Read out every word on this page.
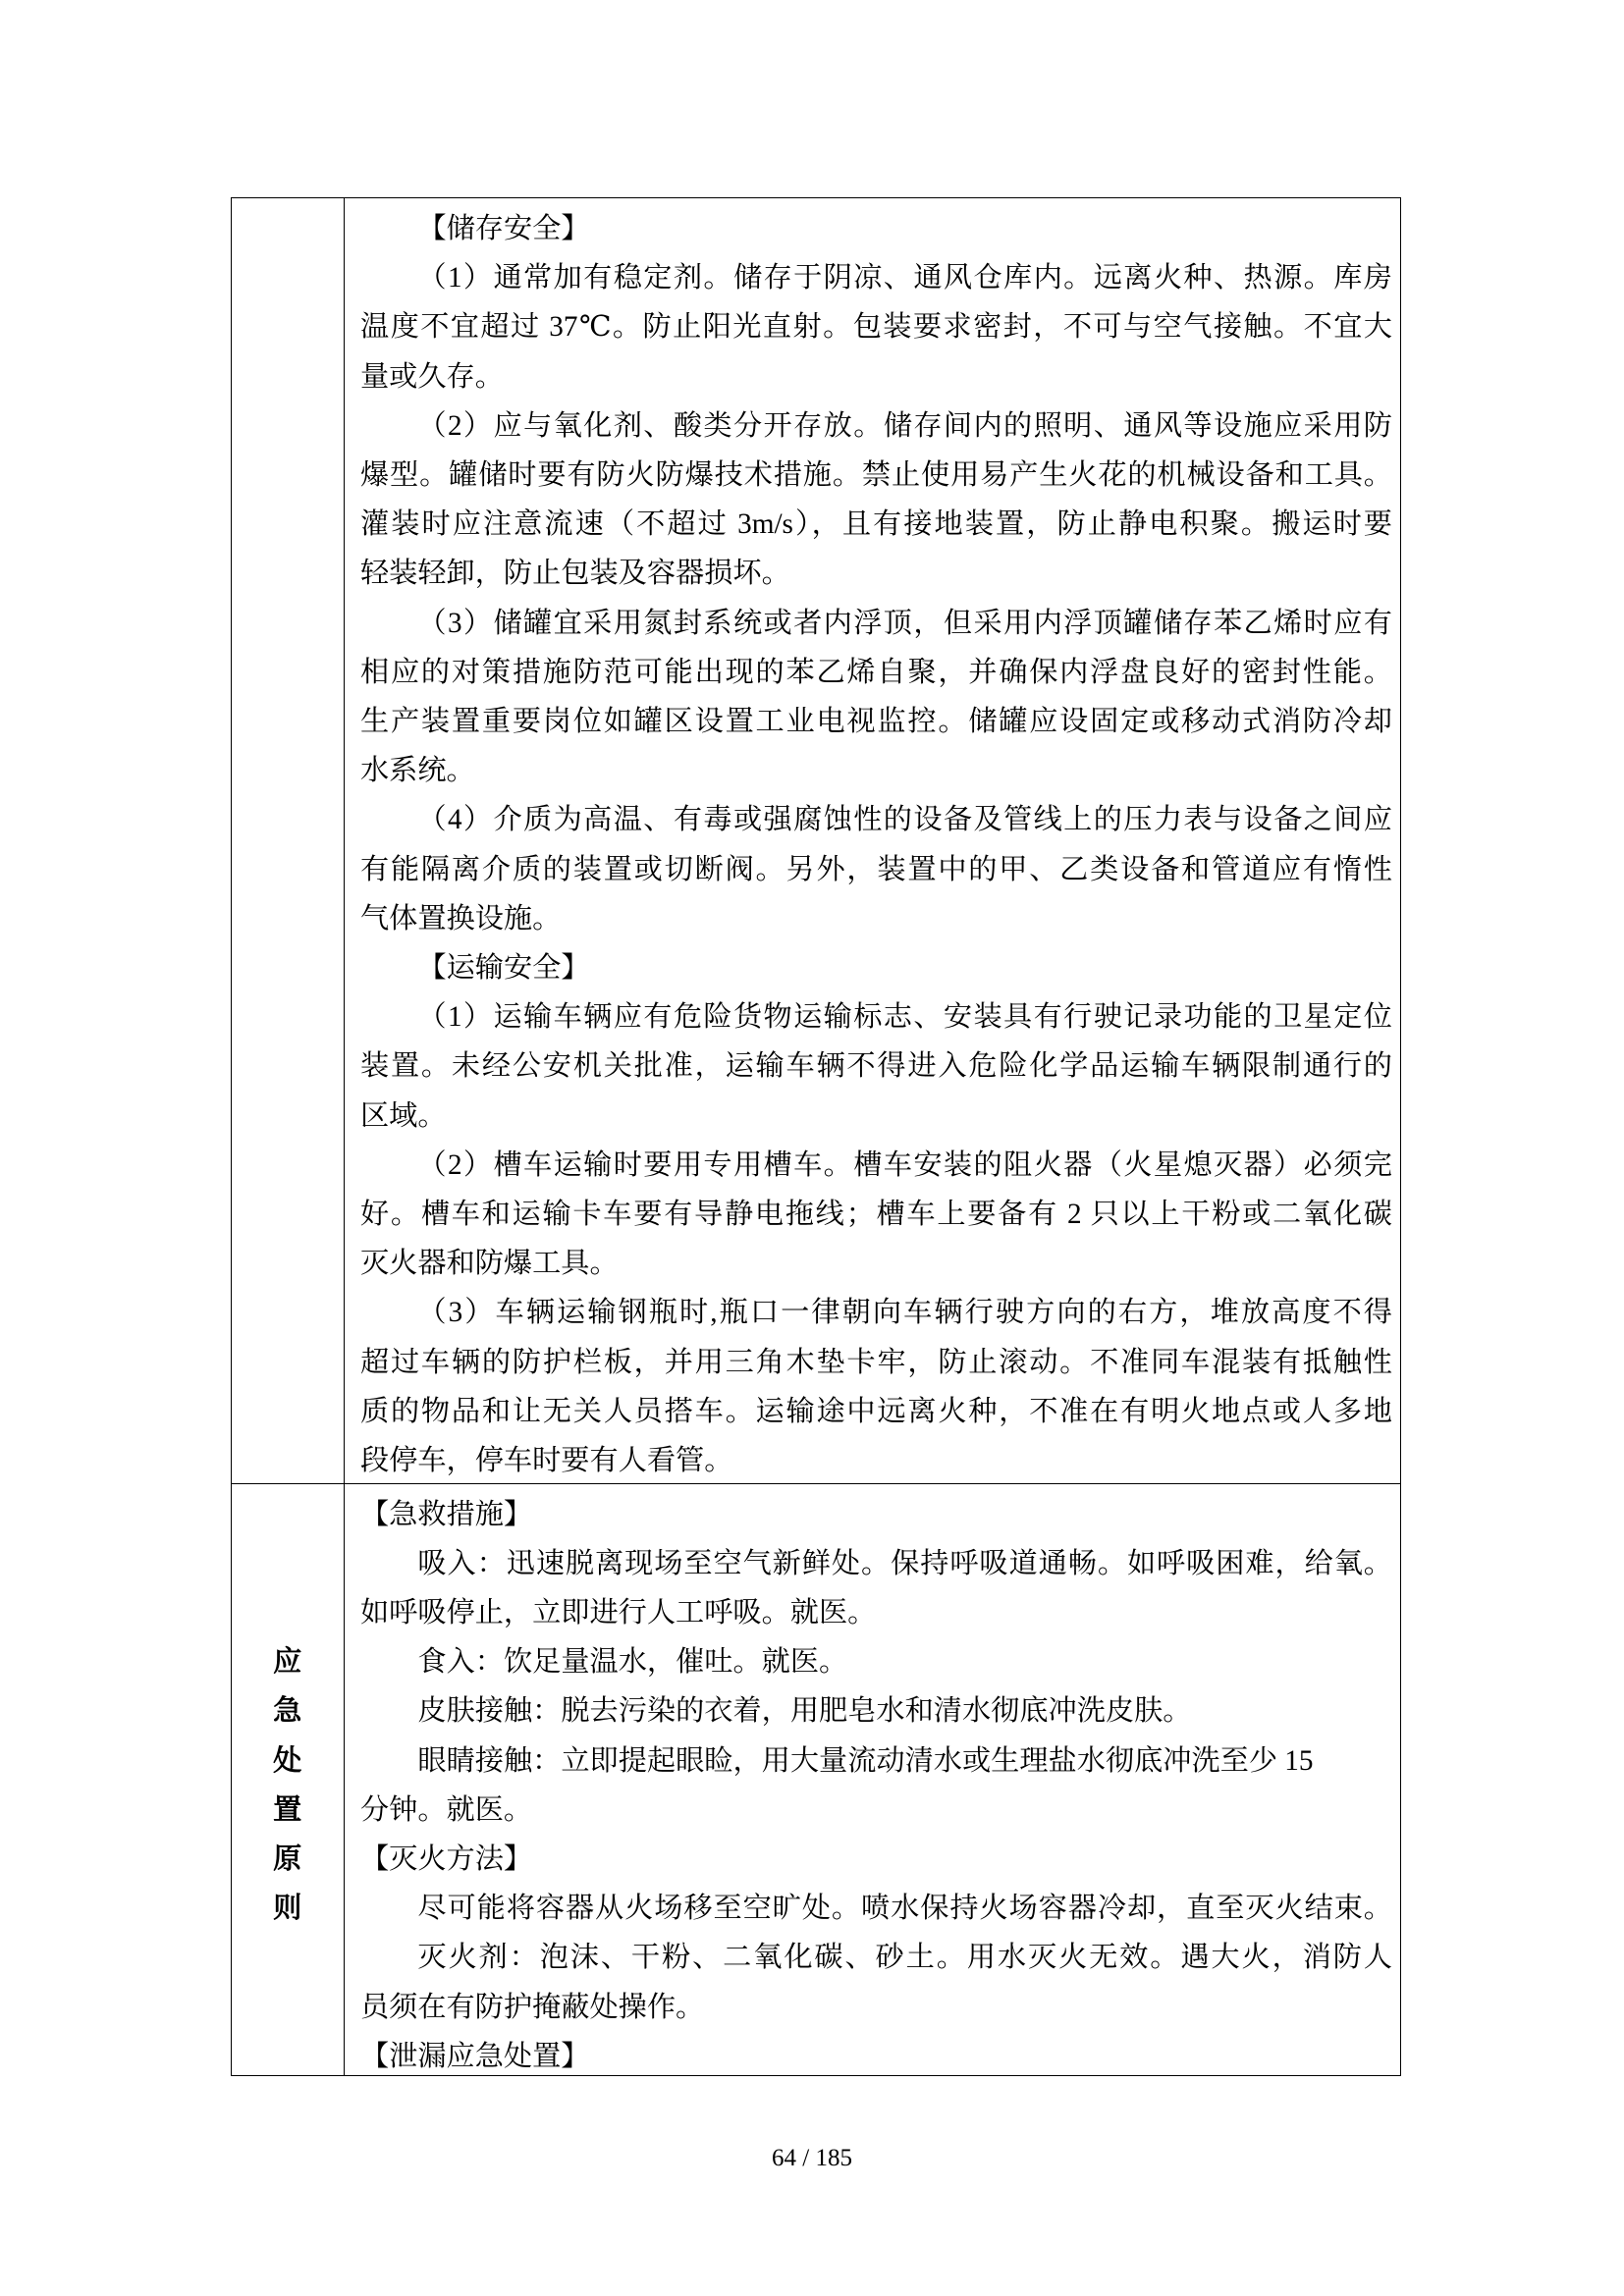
【储存安全】
（1）通常加有稳定剂。储存于阴凉、通风仓库内。远离火种、热源。库房
温度不宜超过 37℃。防止阳光直射。包装要求密封，不可与空气接触。不宜大
量或久存。
（2）应与氧化剂、酸类分开存放。储存间内的照明、通风等设施应采用防
爆型。罐储时要有防火防爆技术措施。禁止使用易产生火花的机械设备和工具。
灌装时应注意流速（不超过 3m/s），且有接地装置，防止静电积聚。搬运时要
轻装轻卸，防止包装及容器损坏。
（3）储罐宜采用氮封系统或者内浮顶，但采用内浮顶罐储存苯乙烯时应有
相应的对策措施防范可能出现的苯乙烯自聚，并确保内浮盘良好的密封性能。
生产装置重要岗位如罐区设置工业电视监控。储罐应设固定或移动式消防冷却
水系统。
（4）介质为高温、有毒或强腐蚀性的设备及管线上的压力表与设备之间应
有能隔离介质的装置或切断阀。另外，装置中的甲、乙类设备和管道应有惰性
气体置换设施。
【运输安全】
（1）运输车辆应有危险货物运输标志、安装具有行驶记录功能的卫星定位
装置。未经公安机关批准，运输车辆不得进入危险化学品运输车辆限制通行的
区域。
（2）槽车运输时要用专用槽车。槽车安装的阻火器（火星熄灭器）必须完
好。槽车和运输卡车要有导静电拖线；槽车上要备有 2 只以上干粉或二氧化碳
灭火器和防爆工具。
（3）车辆运输钢瓶时,瓶口一律朝向车辆行驶方向的右方，堆放高度不得
超过车辆的防护栏板，并用三角木垫卡牢，防止滚动。不准同车混装有抵触性
质的物品和让无关人员搭车。运输途中远离火种，不准在有明火地点或人多地
段停车，停车时要有人看管。
应急处置原则
【急救措施】
吸入：迅速脱离现场至空气新鲜处。保持呼吸道通畅。如呼吸困难，给氧。
如呼吸停止，立即进行人工呼吸。就医。
食入：饮足量温水，催吐。就医。
皮肤接触：脱去污染的衣着，用肥皂水和清水彻底冲洗皮肤。
眼睛接触：立即提起眼睑，用大量流动清水或生理盐水彻底冲洗至少 15
分钟。就医。
【灭火方法】
尽可能将容器从火场移至空旷处。喷水保持火场容器冷却，直至灭火结束。
灭火剂：泡沫、干粉、二氧化碳、砂土。用水灭火无效。遇大火，消防人
员须在有防护掩蔽处操作。
【泄漏应急处置】
64 / 185
